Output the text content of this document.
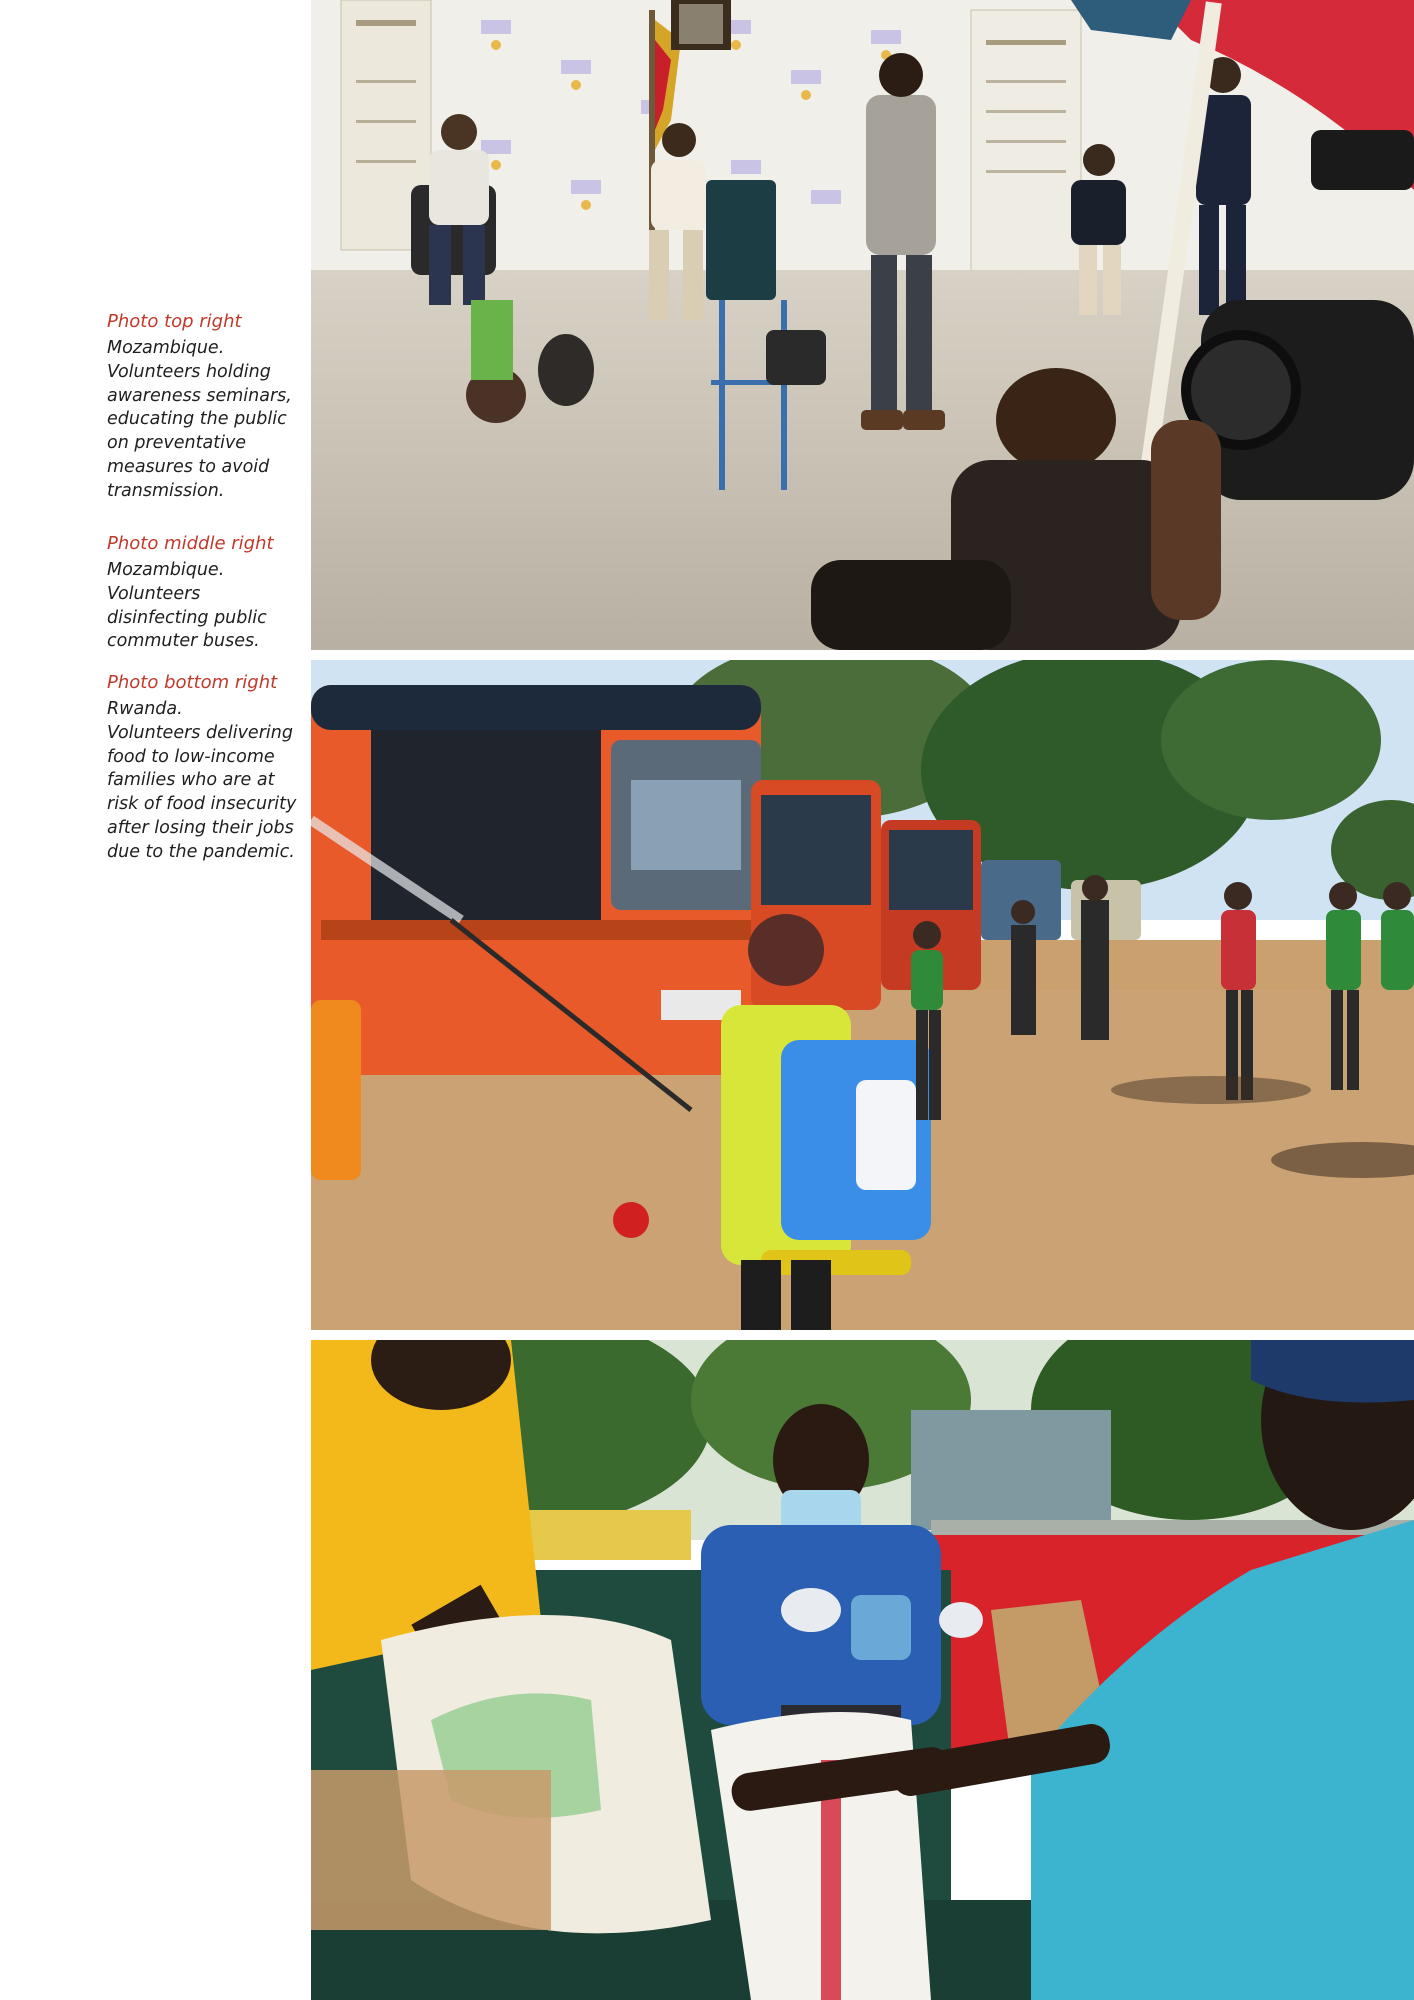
Photo top right
Mozambique.
Volunteers holding
awareness seminars,
educating the public
on preventative
measures to avoid
transmission.
Photo middle right
Mozambique.
Volunteers
disinfecting public
commuter buses.
Photo bottom right
Rwanda.
Volunteers delivering
food to low-income
families who are at
risk of food insecurity
after losing their jobs
due to the pandemic.
